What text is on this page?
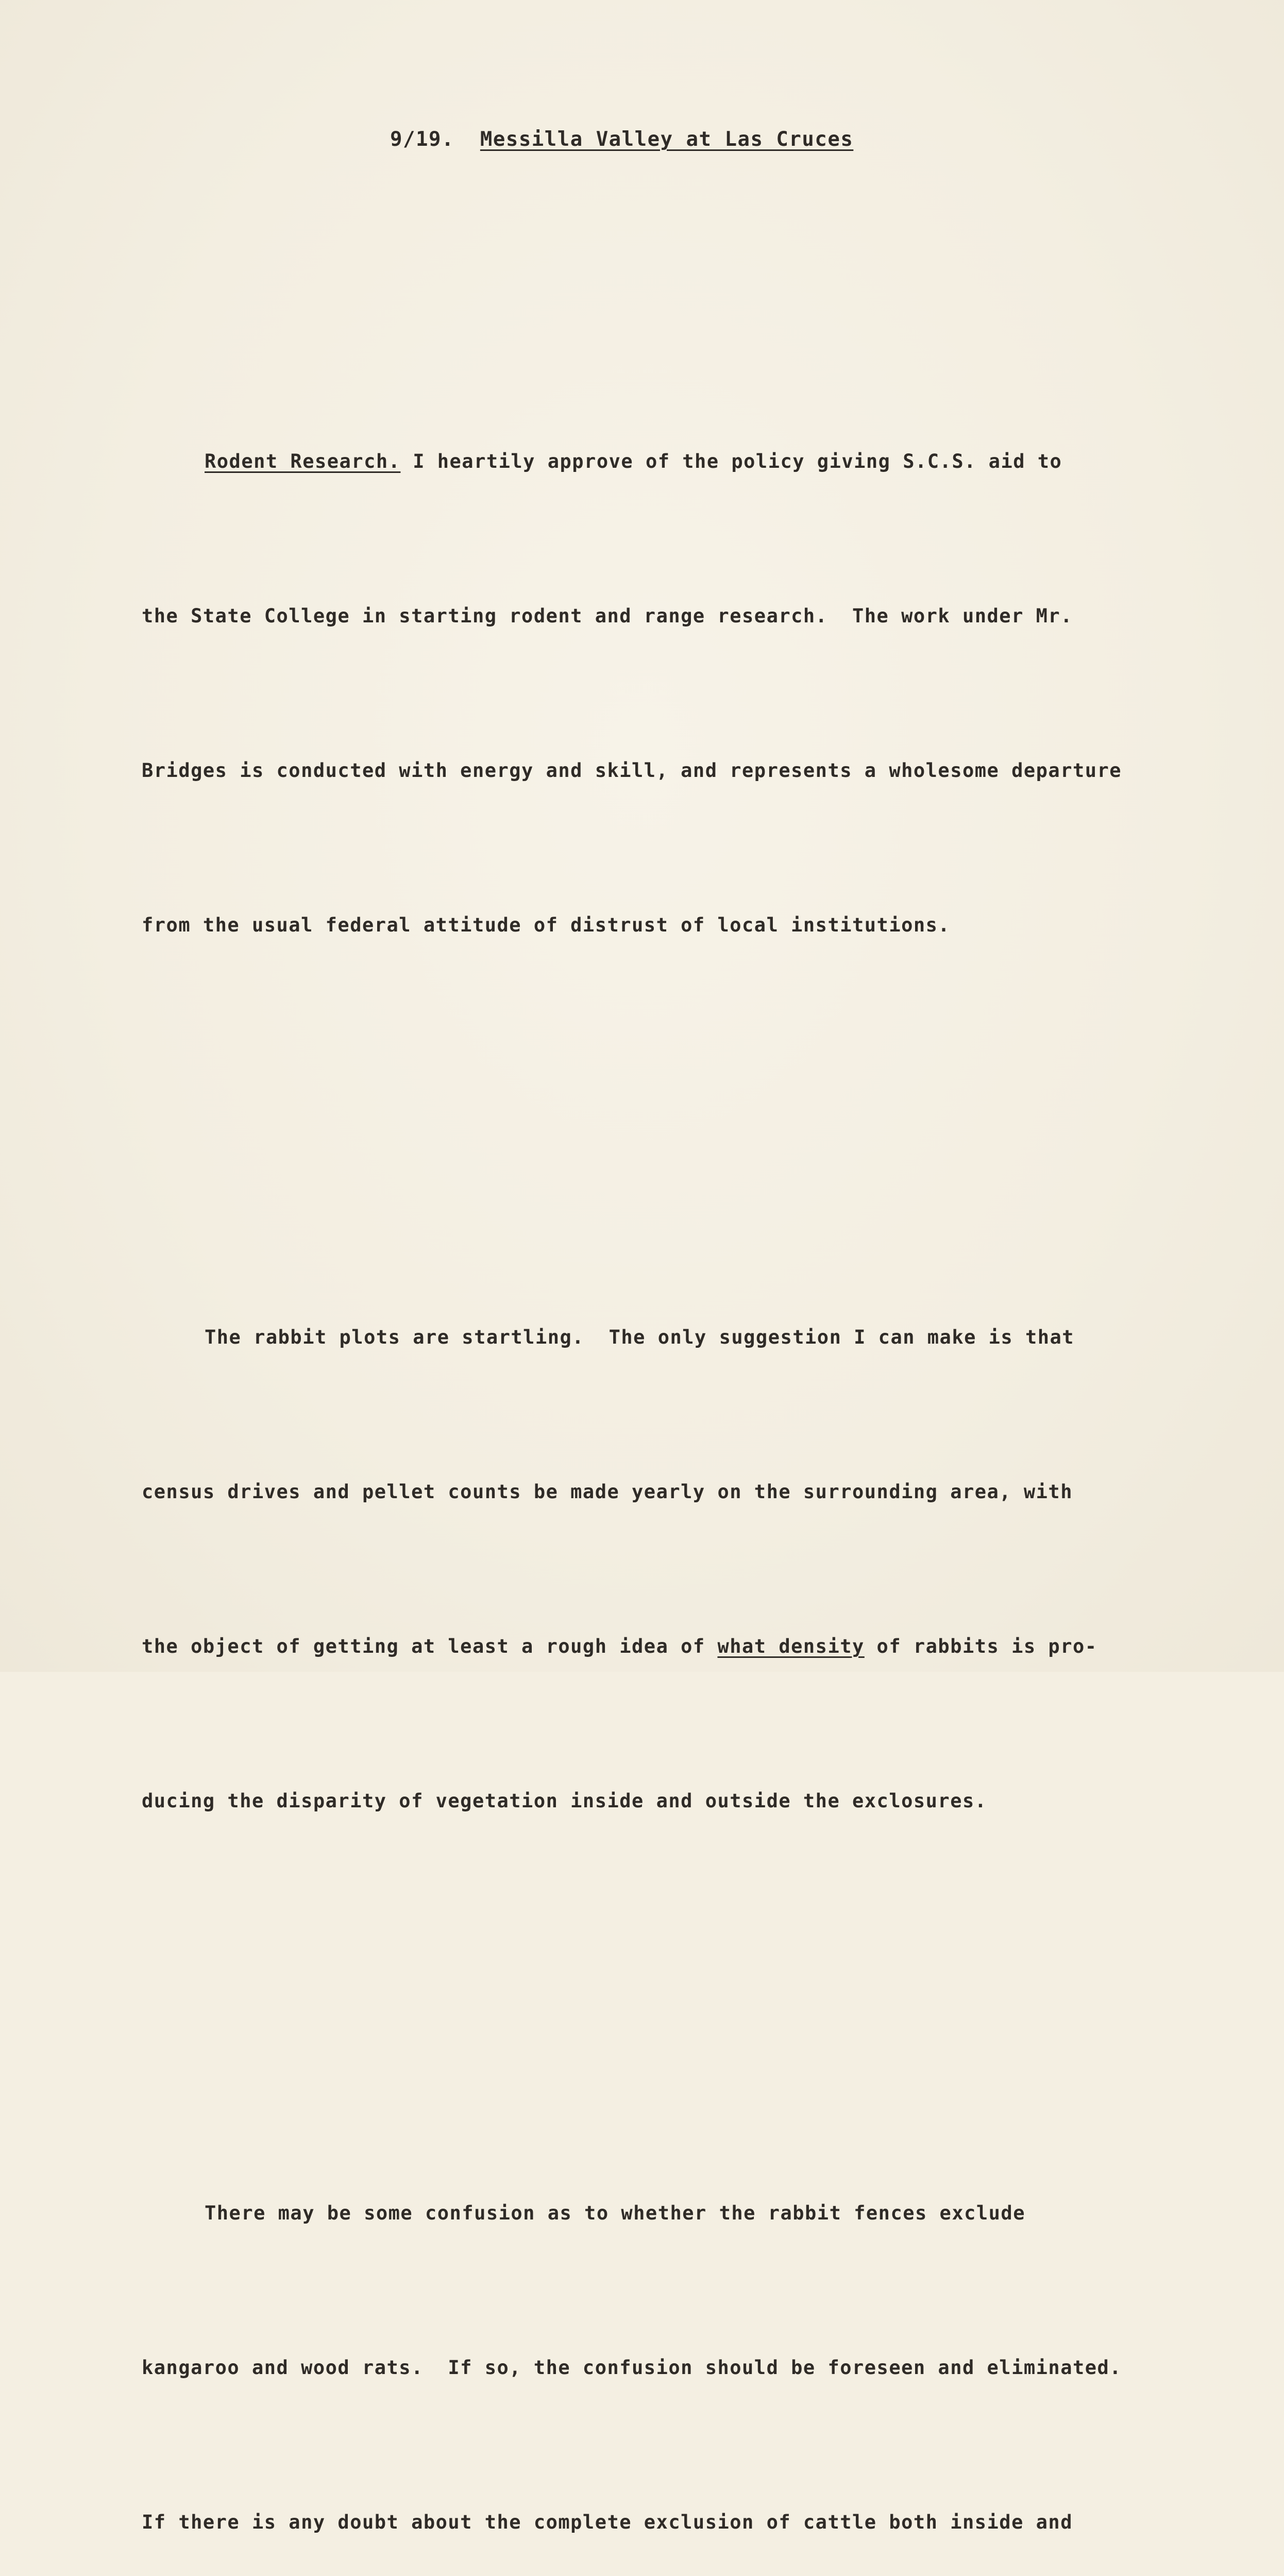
9/19. Messilla Valley at Las Cruces

Rodent Research. I heartily approve of the policy giving S.C.S. aid to

the State College in starting rodent and range research.  The work under Mr.

Bridges is conducted with energy and skill, and represents a wholesome departure

from the usual federal attitude of distrust of local institutions.

The rabbit plots are startling.  The only suggestion I can make is that

census drives and pellet counts be made yearly on the surrounding area, with

the object of getting at least a rough idea of what density of rabbits is pro-

ducing the disparity of vegetation inside and outside the exclosures.

There may be some confusion as to whether the rabbit fences exclude

kangaroo and wood rats.  If so, the confusion should be foreseen and eliminated.

If there is any doubt about the complete exclusion of cattle both inside and
